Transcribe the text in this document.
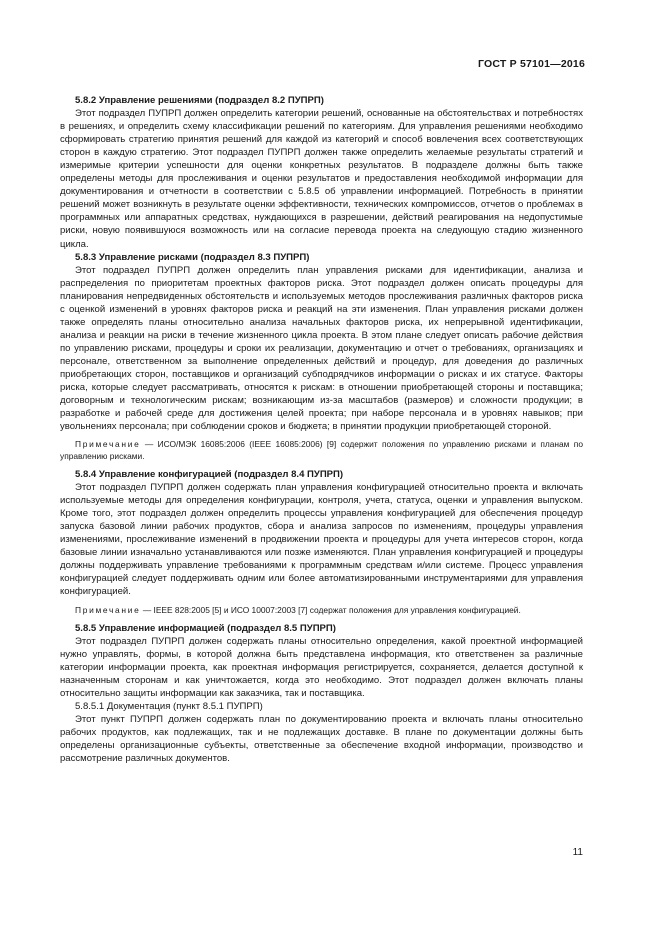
ГОСТ Р 57101—2016

5.8.2 Управление решениями (подраздел 8.2 ПУПРП)

Этот подраздел ПУПРП должен определить категории решений, основанные на обстоятельствах и потребностях в решениях, и определить схему классификации решений по категориям. Для управления решениями необходимо сформировать стратегию принятия решений для каждой из категорий и способ вовлечения всех соответствующих сторон в каждую стратегию. Этот подраздел ПУПРП должен также определить желаемые результаты стратегий и измеримые критерии успешности для оценки конкретных результатов. В подразделе должны быть также определены методы для прослеживания и оценки результатов и предоставления необходимой информации для документирования и отчетности в соответствии с 5.8.5 об управлении информацией. Потребность в принятии решений может возникнуть в результате оценки эффективности, технических компромиссов, отчетов о проблемах в программных или аппаратных средствах, нуждающихся в разрешении, действий реагирования на недопустимые риски, новую появившуюся возможность или на согласие перевода проекта на следующую стадию жизненного цикла.

5.8.3 Управление рисками (подраздел 8.3 ПУПРП)

Этот подраздел ПУПРП должен определить план управления рисками для идентификации, анализа и распределения по приоритетам проектных факторов риска. Этот подраздел должен описать процедуры для планирования непредвиденных обстоятельств и используемых методов прослеживания различных факторов риска с оценкой изменений в уровнях факторов риска и реакций на эти изменения. План управления рисками должен также определять планы относительно анализа начальных факторов риска, их непрерывной идентификации, анализа и реакции на риски в течение жизненного цикла проекта. В этом плане следует описать рабочие действия по управлению рисками, процедуры и сроки их реализации, документацию и отчет о требованиях, организациях и персонале, ответственном за выполнение определенных действий и процедур, для доведения до различных приобретающих сторон, поставщиков и организаций субподрядчиков информации о рисках и их статусе. Факторы риска, которые следует рассматривать, относятся к рискам: в отношении приобретающей стороны и поставщика; договорным и технологическим рискам; возникающим из-за масштабов (размеров) и сложности продукции; в разработке и рабочей среде для достижения целей проекта; при наборе персонала и в уровнях навыков; при увольнениях персонала; при соблюдении сроков и бюджета; в принятии продукции приобретающей стороной.

Примечание — ИСО/МЭК 16085:2006 (IEEE 16085:2006) [9] содержит положения по управлению рисками и планам по управлению рисками.

5.8.4 Управление конфигурацией (подраздел 8.4 ПУПРП)

Этот подраздел ПУПРП должен содержать план управления конфигурацией относительно проекта и включать используемые методы для определения конфигурации, контроля, учета, статуса, оценки и управления выпуском. Кроме того, этот подраздел должен определить процессы управления конфигурацией для обеспечения процедур запуска базовой линии рабочих продуктов, сбора и анализа запросов по изменениям, процедуры управления изменениями, прослеживание изменений в продвижении проекта и процедуры для учета интересов сторон, когда базовые линии изначально устанавливаются или позже изменяются. План управления конфигурацией и процедуры должны поддерживать управление требованиями к программным средствам и/или системе. Процесс управления конфигурацией следует поддерживать одним или более автоматизированными инструментариями для управления конфигурацией.

Примечание — IEEE 828:2005 [5] и ИСО 10007:2003 [7] содержат положения для управления конфигурацией.

5.8.5 Управление информацией (подраздел 8.5 ПУПРП)

Этот подраздел ПУПРП должен содержать планы относительно определения, какой проектной информацией нужно управлять, формы, в которой должна быть представлена информация, кто ответственен за различные категории информации проекта, как проектная информация регистрируется, сохраняется, делается доступной к назначенным сторонам и как уничтожается, когда это необходимо. Этот подраздел должен включать планы относительно защиты информации как заказчика, так и поставщика.

5.8.5.1 Документация (пункт 8.5.1 ПУПРП)

Этот пункт ПУПРП должен содержать план по документированию проекта и включать планы относительно рабочих продуктов, как подлежащих, так и не подлежащих доставке. В плане по документации должны быть определены организационные субъекты, ответственные за обеспечение входной информации, производство и рассмотрение различных документов.

11
